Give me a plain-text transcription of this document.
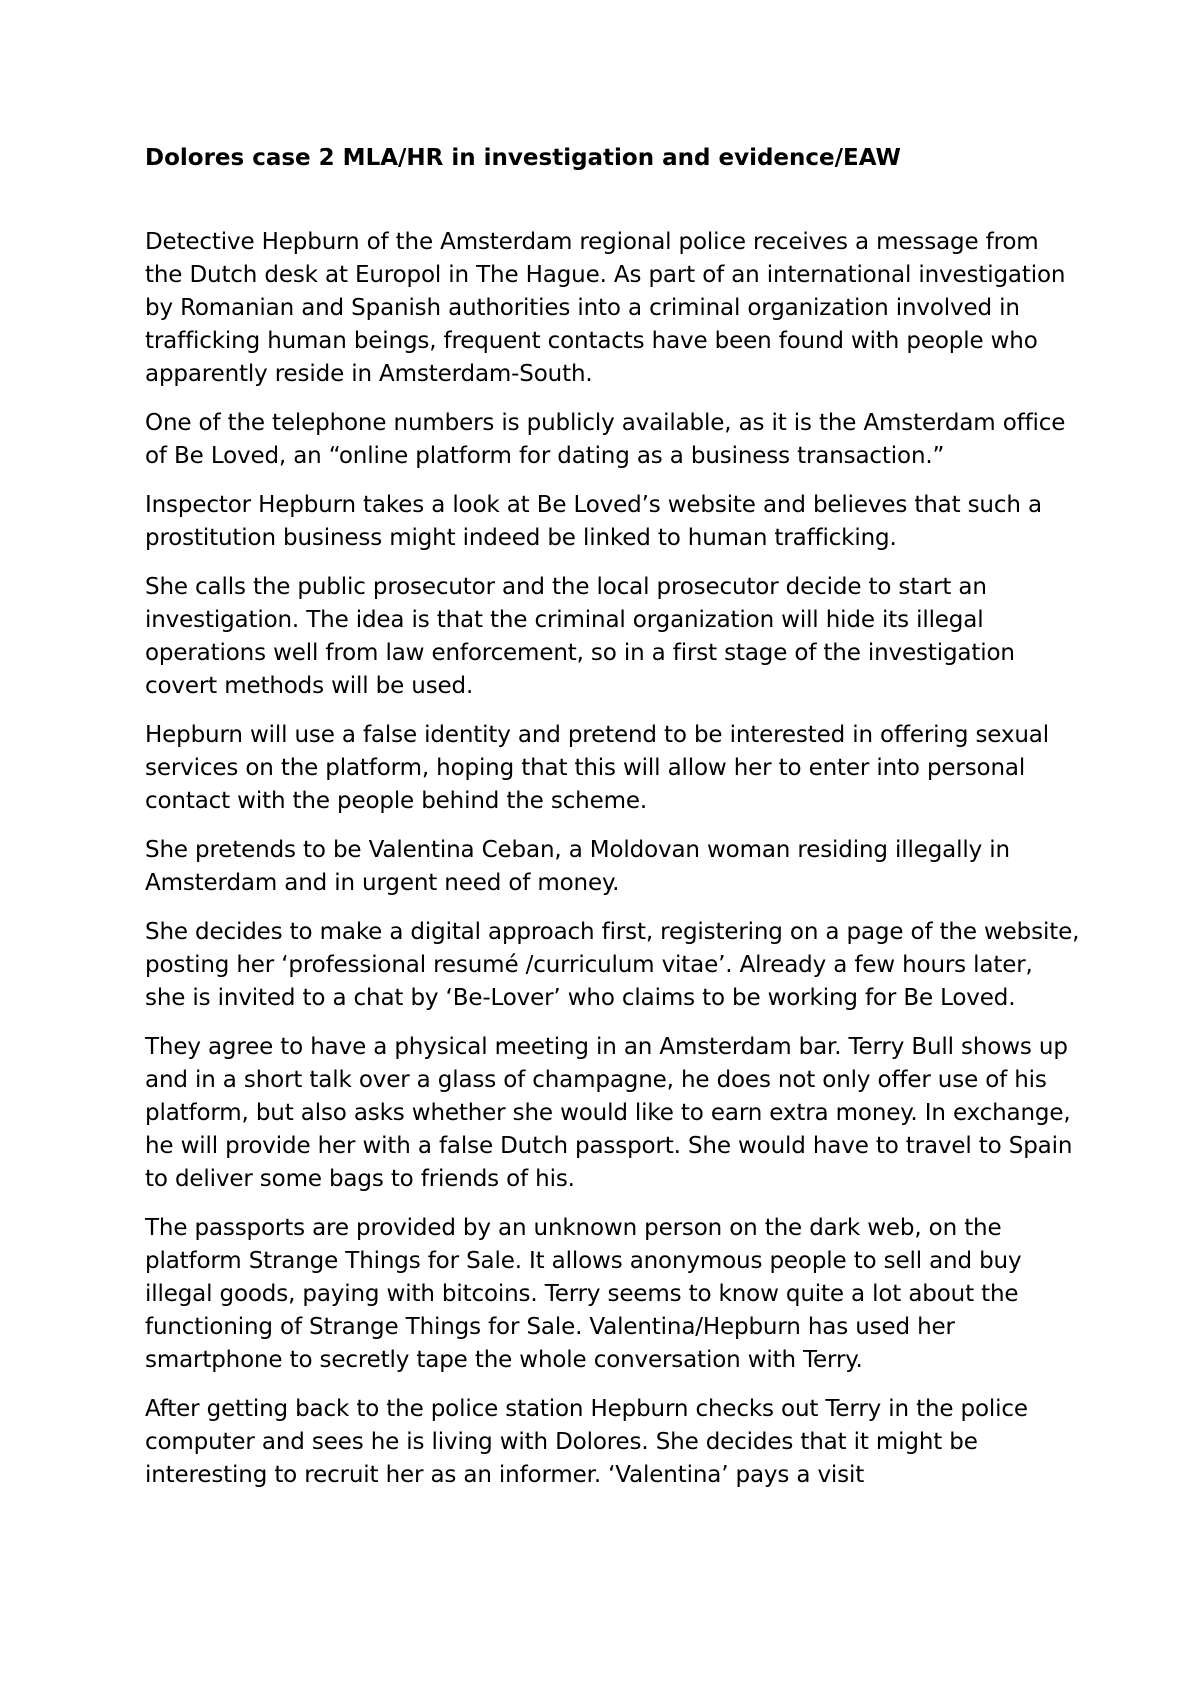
Dolores case 2 MLA/HR in investigation and evidence/EAW

Detective Hepburn of the Amsterdam regional police receives a message from the Dutch desk at Europol in The Hague. As part of an international investigation by Romanian and Spanish authorities into a criminal organization involved in trafficking human beings, frequent contacts have been found with people who apparently reside in Amsterdam-South.

One of the telephone numbers is publicly available, as it is the Amsterdam office of Be Loved, an “online platform for dating as a business transaction.”

Inspector Hepburn takes a look at Be Loved’s website and believes that such a prostitution business might indeed be linked to human trafficking.

She calls the public prosecutor and the local prosecutor decide to start an investigation. The idea is that the criminal organization will hide its illegal operations well from law enforcement, so in a first stage of the investigation covert methods will be used.

Hepburn will use a false identity and pretend to be interested in offering sexual services on the platform, hoping that this will allow her to enter into personal contact with the people behind the scheme.

She pretends to be Valentina Ceban, a Moldovan woman residing illegally in Amsterdam and in urgent need of money.

She decides to make a digital approach first, registering on a page of the website, posting her ‘professional resumé /curriculum vitae’. Already a few hours later, she is invited to a chat by ‘Be-Lover’ who claims to be working for Be Loved.

They agree to have a physical meeting in an Amsterdam bar. Terry Bull shows up and in a short talk over a glass of champagne, he does not only offer use of his platform, but also asks whether she would like to earn extra money. In exchange, he will provide her with a false Dutch passport. She would have to travel to Spain to deliver some bags to friends of his.

The passports are provided by an unknown person on the dark web, on the platform Strange Things for Sale. It allows anonymous people to sell and buy illegal goods, paying with bitcoins. Terry seems to know quite a lot about the functioning of Strange Things for Sale. Valentina/Hepburn has used her smartphone to secretly tape the whole conversation with Terry.

After getting back to the police station Hepburn checks out Terry in the police computer and sees he is living with Dolores. She decides that it might be interesting to recruit her as an informer. ‘Valentina’ pays a visit
